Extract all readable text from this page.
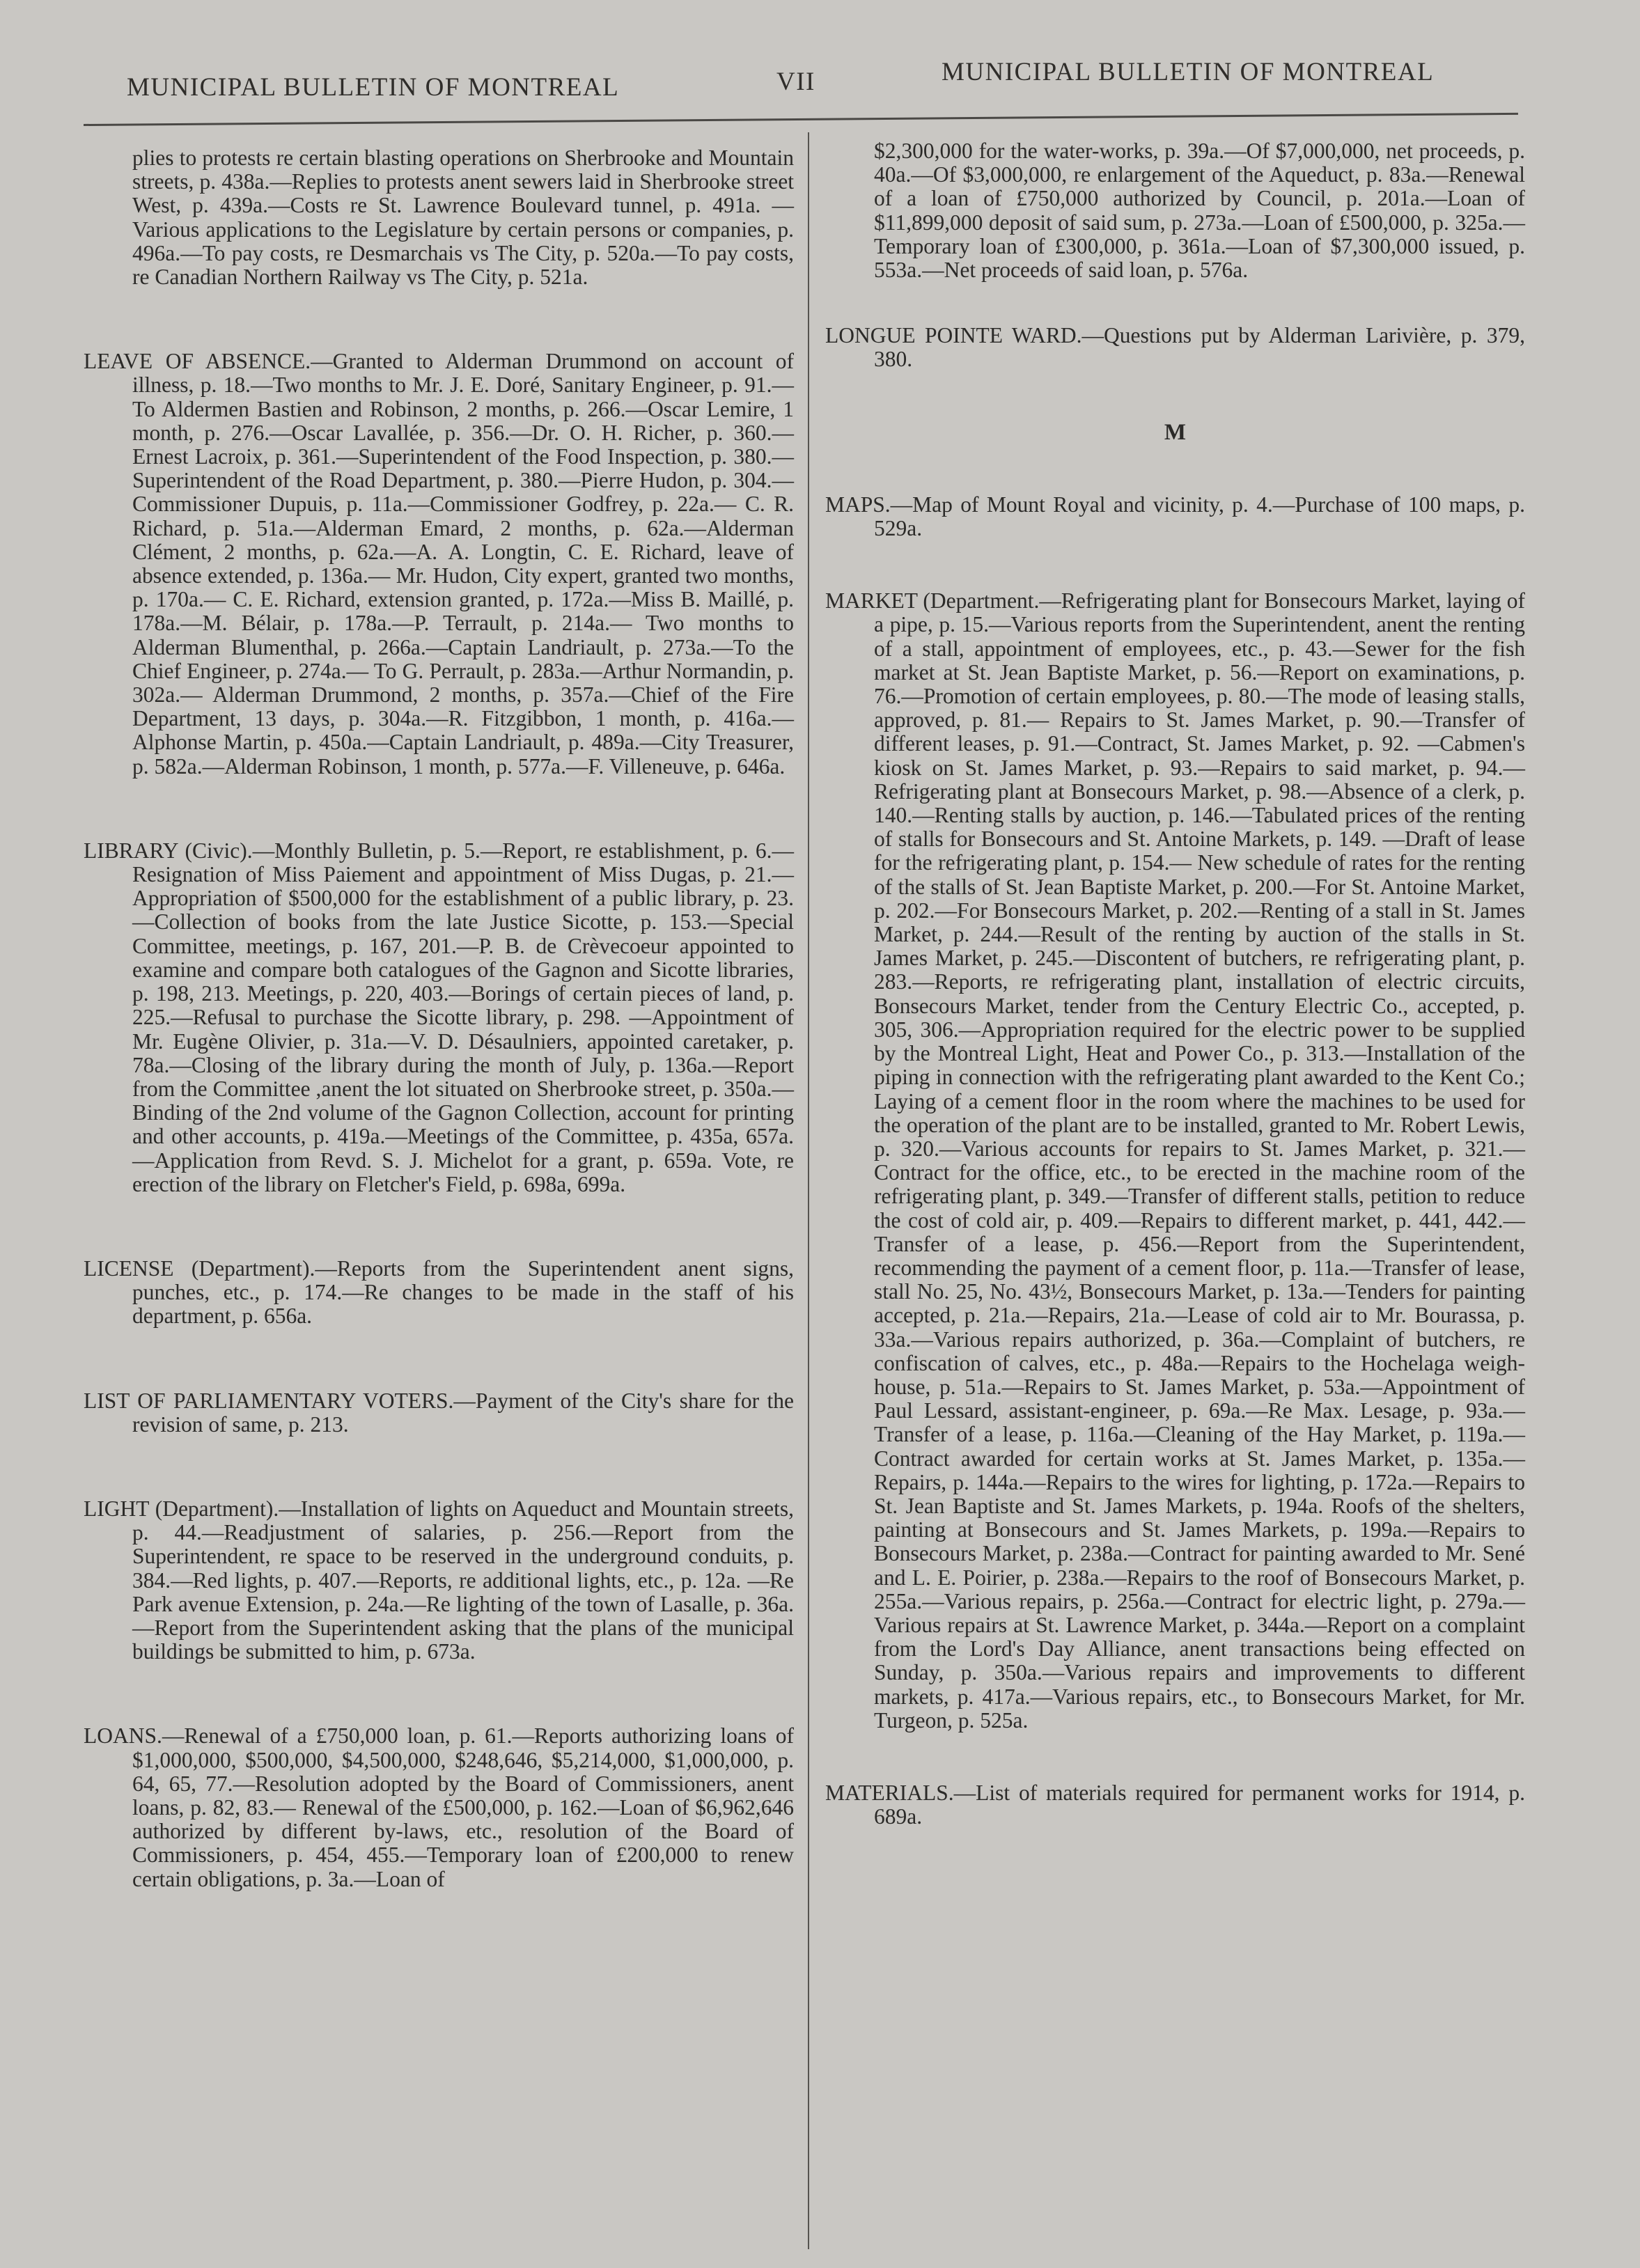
MUNICIPAL BULLETIN OF MONTREAL	VII	MUNICIPAL BULLETIN OF MONTREAL
plies to protests re certain blasting operations on Sherbrooke and Mountain streets, p. 438a.—Replies to protests anent sewers laid in Sherbrooke street West, p. 439a.—Costs re St. Lawrence Boulevard tunnel, p. 491a. —Various applications to the Legislature by certain persons or companies, p. 496a.—To pay costs, re Desmarchais vs The City, p. 520a.—To pay costs, re Canadian Northern Railway vs The City, p. 521a.
LEAVE OF ABSENCE.—Granted to Alderman Drummond on account of illness, p. 18.—Two months to Mr. J. E. Doré, Sanitary Engineer, p. 91.—To Aldermen Bastien and Robinson, 2 months, p. 266.—Oscar Lemire, 1 month, p. 276.—Oscar Lavallée, p. 356.—Dr. O. H. Richer, p. 360.—Ernest Lacroix, p. 361.—Superintendent of the Food Inspection, p. 380.—Superintendent of the Road Department, p. 380.—Pierre Hudon, p. 304.—Commissioner Dupuis, p. 11a.—Commissioner Godfrey, p. 22a.— C. R. Richard, p. 51a.—Alderman Emard, 2 months, p. 62a.—Alderman Clément, 2 months, p. 62a.—A. A. Longtin, C. E. Richard, leave of absence extended, p. 136a.— Mr. Hudon, City expert, granted two months, p. 170a.— C. E. Richard, extension granted, p. 172a.—Miss B. Maillé, p. 178a.—M. Bélair, p. 178a.—P. Terrault, p. 214a.— Two months to Alderman Blumenthal, p. 266a.—Captain Landriault, p. 273a.—To the Chief Engineer, p. 274a.— To G. Perrault, p. 283a.—Arthur Normandin, p. 302a.— Alderman Drummond, 2 months, p. 357a.—Chief of the Fire Department, 13 days, p. 304a.—R. Fitzgibbon, 1 month, p. 416a.—Alphonse Martin, p. 450a.—Captain Landriault, p. 489a.—City Treasurer, p. 582a.—Alderman Robinson, 1 month, p. 577a.—F. Villeneuve, p. 646a.
LIBRARY (Civic).—Monthly Bulletin, p. 5.—Report, re establishment, p. 6.—Resignation of Miss Paiement and appointment of Miss Dugas, p. 21.—Appropriation of $500,000 for the establishment of a public library, p. 23. —Collection of books from the late Justice Sicotte, p. 153.—Special Committee, meetings, p. 167, 201.—P. B. de Crèvecoeur appointed to examine and compare both catalogues of the Gagnon and Sicotte libraries, p. 198, 213. Meetings, p. 220, 403.—Borings of certain pieces of land, p. 225.—Refusal to purchase the Sicotte library, p. 298. —Appointment of Mr. Eugène Olivier, p. 31a.—V. D. Désaulniers, appointed caretaker, p. 78a.—Closing of the library during the month of July, p. 136a.—Report from the Committee ,anent the lot situated on Sherbrooke street, p. 350a.—Binding of the 2nd volume of the Gagnon Collection, account for printing and other accounts, p. 419a.—Meetings of the Committee, p. 435a, 657a.—Application from Revd. S. J. Michelot for a grant, p. 659a. Vote, re erection of the library on Fletcher's Field, p. 698a, 699a.
LICENSE (Department).—Reports from the Superintendent anent signs, punches, etc., p. 174.—Re changes to be made in the staff of his department, p. 656a.
LIST OF PARLIAMENTARY VOTERS.—Payment of the City's share for the revision of same, p. 213.
LIGHT (Department).—Installation of lights on Aqueduct and Mountain streets, p. 44.—Readjustment of salaries, p. 256.—Report from the Superintendent, re space to be reserved in the underground conduits, p. 384.—Red lights, p. 407.—Reports, re additional lights, etc., p. 12a. —Re Park avenue Extension, p. 24a.—Re lighting of the town of Lasalle, p. 36a.—Report from the Superintendent asking that the plans of the municipal buildings be submitted to him, p. 673a.
LOANS.—Renewal of a £750,000 loan, p. 61.—Reports authorizing loans of $1,000,000, $500,000, $4,500,000, $248,646, $5,214,000, $1,000,000, p. 64, 65, 77.—Resolution adopted by the Board of Commissioners, anent loans, p. 82, 83.— Renewal of the £500,000, p. 162.—Loan of $6,962,646 authorized by different by-laws, etc., resolution of the Board of Commissioners, p. 454, 455.—Temporary loan of £200,000 to renew certain obligations, p. 3a.—Loan of
$2,300,000 for the water-works, p. 39a.—Of $7,000,000, net proceeds, p. 40a.—Of $3,000,000, re enlargement of the Aqueduct, p. 83a.—Renewal of a loan of £750,000 authorized by Council, p. 201a.—Loan of $11,899,000 deposit of said sum, p. 273a.—Loan of £500,000, p. 325a.— Temporary loan of £300,000, p. 361a.—Loan of $7,300,000 issued, p. 553a.—Net proceeds of said loan, p. 576a.
LONGUE POINTE WARD.—Questions put by Alderman Larivière, p. 379, 380.
M
MAPS.—Map of Mount Royal and vicinity, p. 4.—Purchase of 100 maps, p. 529a.
MARKET (Department.—Refrigerating plant for Bonsecours Market, laying of a pipe, p. 15.—Various reports from the Superintendent, anent the renting of a stall, appointment of employees, etc., p. 43.—Sewer for the fish market at St. Jean Baptiste Market, p. 56.—Report on examinations, p. 76.—Promotion of certain employees, p. 80.—The mode of leasing stalls, approved, p. 81.— Repairs to St. James Market, p. 90.—Transfer of different leases, p. 91.—Contract, St. James Market, p. 92. —Cabmen's kiosk on St. James Market, p. 93.—Repairs to said market, p. 94.—Refrigerating plant at Bonsecours Market, p. 98.—Absence of a clerk, p. 140.—Renting stalls by auction, p. 146.—Tabulated prices of the renting of stalls for Bonsecours and St. Antoine Markets, p. 149. —Draft of lease for the refrigerating plant, p. 154.— New schedule of rates for the renting of the stalls of St. Jean Baptiste Market, p. 200.—For St. Antoine Market, p. 202.—For Bonsecours Market, p. 202.—Renting of a stall in St. James Market, p. 244.—Result of the renting by auction of the stalls in St. James Market, p. 245.—Discontent of butchers, re refrigerating plant, p. 283.—Reports, re refrigerating plant, installation of electric circuits, Bonsecours Market, tender from the Century Electric Co., accepted, p. 305, 306.—Appropriation required for the electric power to be supplied by the Montreal Light, Heat and Power Co., p. 313.—Installation of the piping in connection with the refrigerating plant awarded to the Kent Co.; Laying of a cement floor in the room where the machines to be used for the operation of the plant are to be installed, granted to Mr. Robert Lewis, p. 320.—Various accounts for repairs to St. James Market, p. 321.—Contract for the office, etc., to be erected in the machine room of the refrigerating plant, p. 349.—Transfer of different stalls, petition to reduce the cost of cold air, p. 409.—Repairs to different market, p. 441, 442.—Transfer of a lease, p. 456.—Report from the Superintendent, recommending the payment of a cement floor, p. 11a.—Transfer of lease, stall No. 25, No. 43½, Bonsecours Market, p. 13a.—Tenders for painting accepted, p. 21a.—Repairs, 21a.—Lease of cold air to Mr. Bourassa, p. 33a.—Various repairs authorized, p. 36a.—Complaint of butchers, re confiscation of calves, etc., p. 48a.—Repairs to the Hochelaga weigh-house, p. 51a.—Repairs to St. James Market, p. 53a.—Appointment of Paul Lessard, assistant-engineer, p. 69a.—Re Max. Lesage, p. 93a.—Transfer of a lease, p. 116a.—Cleaning of the Hay Market, p. 119a.—Contract awarded for certain works at St. James Market, p. 135a.—Repairs, p. 144a.—Repairs to the wires for lighting, p. 172a.—Repairs to St. Jean Baptiste and St. James Markets, p. 194a. Roofs of the shelters, painting at Bonsecours and St. James Markets, p. 199a.—Repairs to Bonsecours Market, p. 238a.—Contract for painting awarded to Mr. Sené and L. E. Poirier, p. 238a.—Repairs to the roof of Bonsecours Market, p. 255a.—Various repairs, p. 256a.—Contract for electric light, p. 279a.—Various repairs at St. Lawrence Market, p. 344a.—Report on a complaint from the Lord's Day Alliance, anent transactions being effected on Sunday, p. 350a.—Various repairs and improvements to different markets, p. 417a.—Various repairs, etc., to Bonsecours Market, for Mr. Turgeon, p. 525a.
MATERIALS.—List of materials required for permanent works for 1914, p. 689a.
